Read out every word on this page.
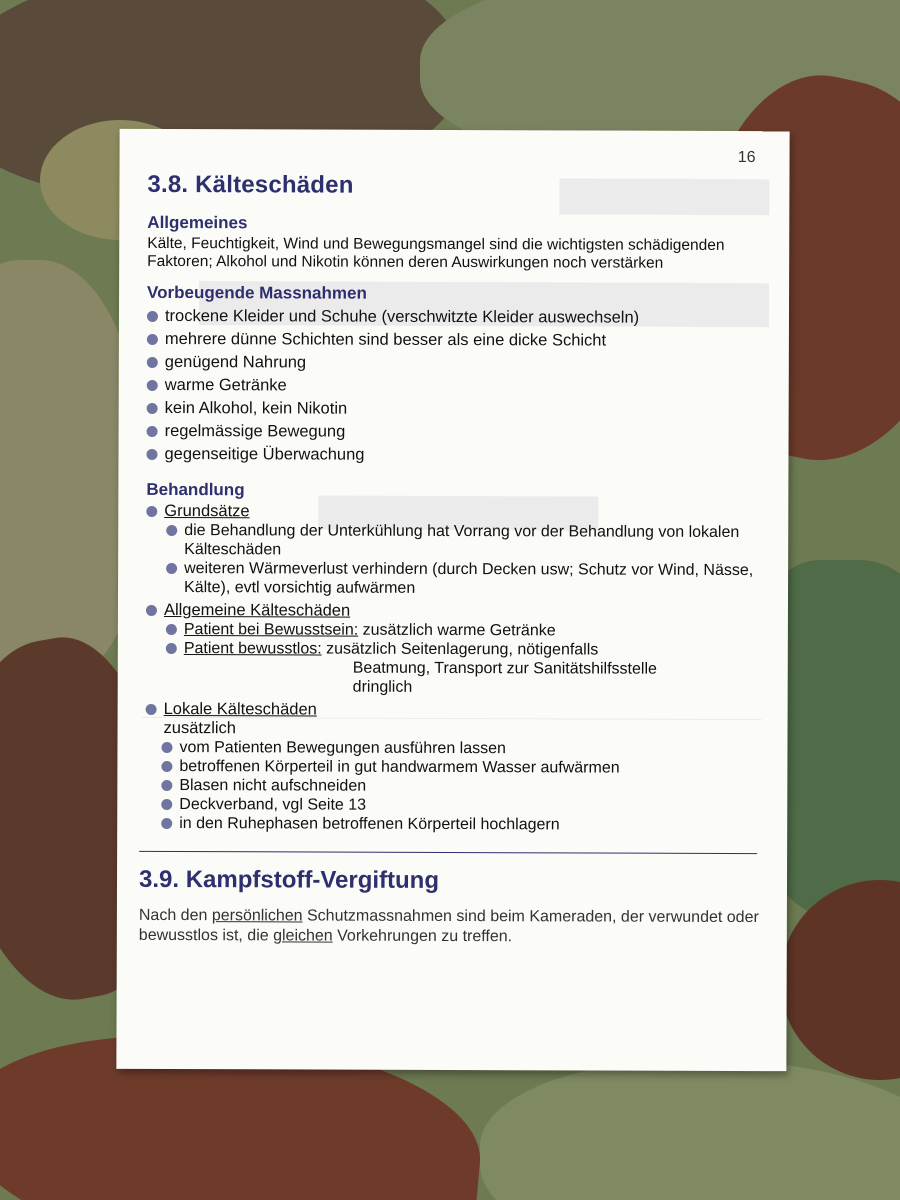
16
3.8. Kälteschäden
Allgemeines
Kälte, Feuchtigkeit, Wind und Bewegungsmangel sind die wichtigsten schädigenden Faktoren; Alkohol und Nikotin können deren Auswirkungen noch verstärken
Vorbeugende Massnahmen
trockene Kleider und Schuhe (verschwitzte Kleider auswechseln)
mehrere dünne Schichten sind besser als eine dicke Schicht
genügend Nahrung
warme Getränke
kein Alkohol, kein Nikotin
regelmässige Bewegung
gegenseitige Überwachung
Behandlung
Grundsätze
die Behandlung der Unterkühlung hat Vorrang vor der Behandlung von lokalen Kälteschäden
weiteren Wärmeverlust verhindern (durch Decken usw; Schutz vor Wind, Nässe, Kälte), evtl vorsichtig aufwärmen
Allgemeine Kälteschäden
Patient bei Bewusstsein: zusätzlich warme Getränke
Patient bewusstlos: zusätzlich Seitenlagerung, nötigenfalls
Beatmung, Transport zur Sanitätshilfsstelle
dringlich
Lokale Kälteschäden
zusätzlich
vom Patienten Bewegungen ausführen lassen
betroffenen Körperteil in gut handwarmem Wasser aufwärmen
Blasen nicht aufschneiden
Deckverband, vgl Seite 13
in den Ruhephasen betroffenen Körperteil hochlagern
3.9. Kampfstoff-Vergiftung
Nach den persönlichen Schutzmassnahmen sind beim Kameraden, der verwundet oder bewusstlos ist, die gleichen Vorkehrungen zu treffen.
